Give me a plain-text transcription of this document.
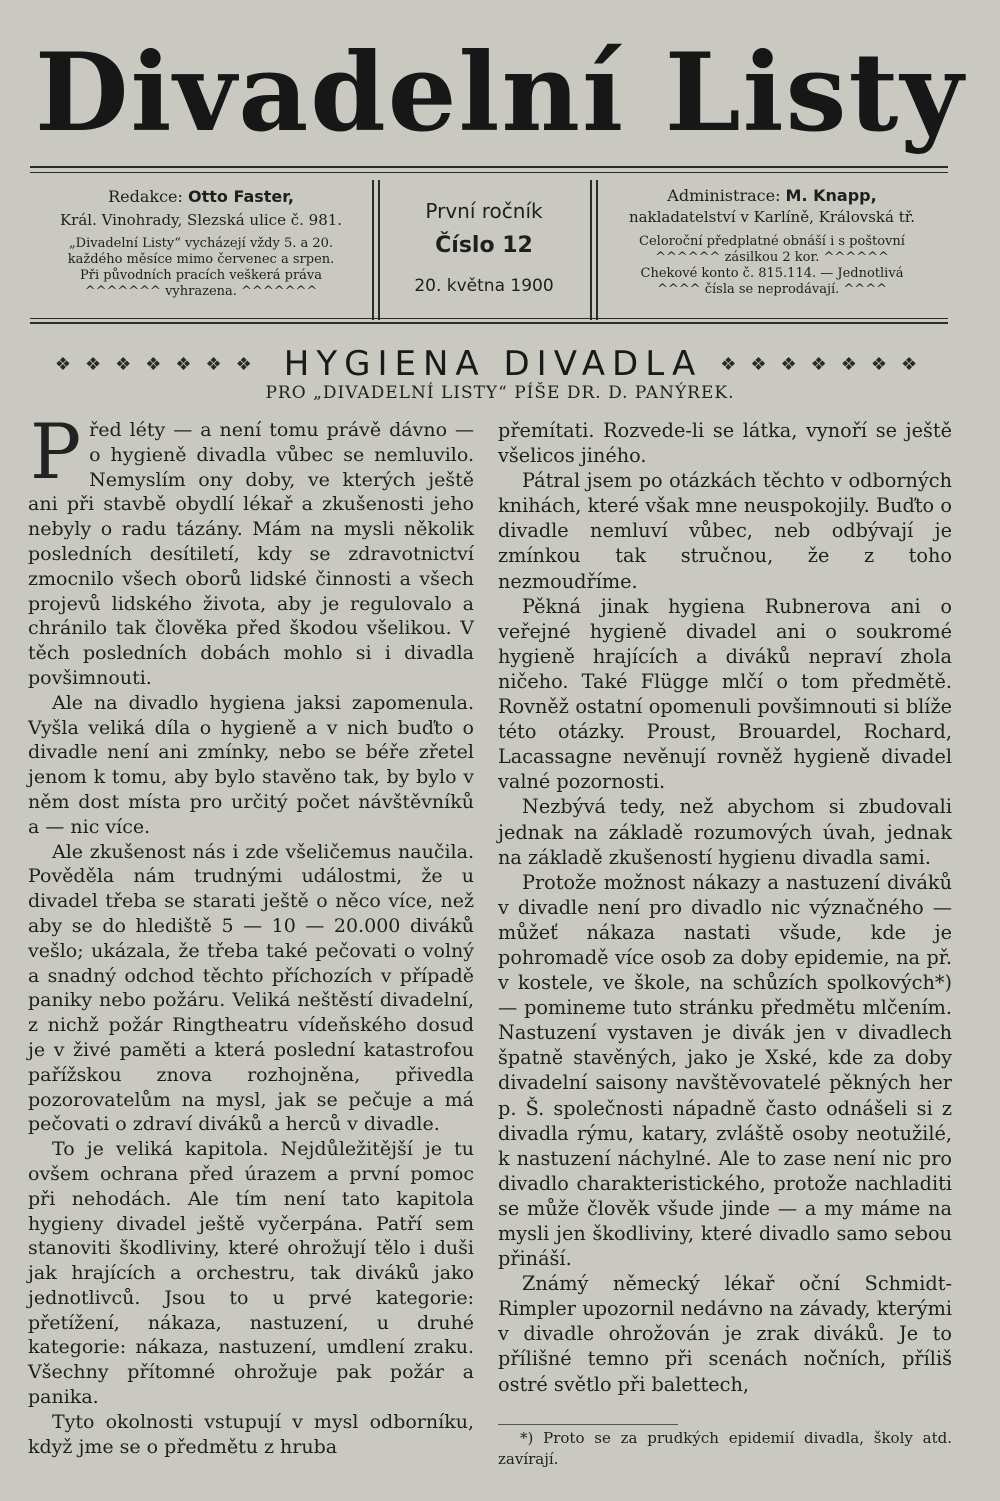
Divadelní Listy
Redakce: Otto Faster,
Král. Vinohrady, Slezská ulice č. 981.
„Divadelní Listy“ vycházejí vždy 5. a 20.
každého měsíce mimo červenec a srpen.
Při původních pracích veškerá práva
^^^^^^^ vyhrazena. ^^^^^^^
První ročník
Číslo 12
20. května 1900
Administrace: M. Knapp,
nakladatelství v Karlíně, Královská tř.
Celoroční předplatné obnáší i s poštovní
^^^^^^ zásilkou 2 kor. ^^^^^^
Chekové konto č. 815.114. — Jednotlivá
^^^^ čísla se neprodávají. ^^^^
❖❖❖❖❖❖❖ HYGIENA DIVADLA ❖❖❖❖❖❖❖
PRO „DIVADELNÍ LISTY“ PÍŠE DR. D. PANÝREK.

Před léty — a není tomu právě dávno — o hygieně divadla vůbec se nemluvilo. Nemyslím ony doby, ve kterých ještě ani při stavbě obydlí lékař a zkušenosti jeho nebyly o radu tázány. Mám na mysli několik posledních desítiletí, kdy se zdravotnictví zmocnilo všech oborů lidské činnosti a všech projevů lidského života, aby je regulovalo a chránilo tak člověka před škodou všelikou. V těch posledních dobách mohlo si i divadla povšimnouti.

Ale na divadlo hygiena jaksi zapomenula. Vyšla veliká díla o hygieně a v nich buďto o divadle není ani zmínky, nebo se béře zřetel jenom k tomu, aby bylo stavěno tak, by bylo v něm dost místa pro určitý počet návštěvníků a — nic více.

Ale zkušenost nás i zde všeličemus naučila. Pověděla nám trudnými událostmi, že u divadel třeba se starati ještě o něco více, než aby se do hlediště 5 — 10 — 20.000 diváků vešlo; ukázala, že třeba také pečovati o volný a snadný odchod těchto příchozích v případě paniky nebo požáru. Veliká neštěstí divadelní, z nichž požár Ringtheatru vídeňského dosud je v živé paměti a která poslední katastrofou pařížskou znova rozhojněna, přivedla pozorovatelům na mysl, jak se pečuje a má pečovati o zdraví diváků a herců v divadle.

To je veliká kapitola. Nejdůležitější je tu ovšem ochrana před úrazem a první pomoc při nehodách. Ale tím není tato kapitola hygieny divadel ještě vyčerpána. Patří sem stanoviti škodliviny, které ohrožují tělo i duši jak hrajících a orchestru, tak diváků jako jednotlivců. Jsou to u prvé kategorie: přetížení, nákaza, nastuzení, u druhé kategorie: nákaza, nastuzení, umdlení zraku. Všechny přítomné ohrožuje pak požár a panika.

Tyto okolnosti vstupují v mysl odborníku, když jme se o předmětu z hruba

přemítati. Rozvede-li se látka, vynoří se ještě všelicos jiného.

Pátral jsem po otázkách těchto v odborných knihách, které však mne neuspokojily. Buďto o divadle nemluví vůbec, neb odbývají je zmínkou tak stručnou, že z toho nezmoudříme.

Pěkná jinak hygiena Rubnerova ani o veřejné hygieně divadel ani o soukromé hygieně hrajících a diváků nepraví zhola ničeho. Také Flügge mlčí o tom předmětě. Rovněž ostatní opomenuli povšimnouti si blíže této otázky. Proust, Brouardel, Rochard, Lacassagne nevěnují rovněž hygieně divadel valné pozornosti.

Nezbývá tedy, než abychom si zbudovali jednak na základě rozumových úvah, jednak na základě zkušeností hygienu divadla sami.

Protože možnost nákazy a nastuzení diváků v divadle není pro divadlo nic význačného — můžeť nákaza nastati všude, kde je pohromadě více osob za doby epidemie, na př. v kostele, ve škole, na schůzích spolkových*) — pomineme tuto stránku předmětu mlčením. Nastuzení vystaven je divák jen v divadlech špatně stavěných, jako je Xské, kde za doby divadelní saisony navštěvovatelé pěkných her p. Š. společnosti nápadně často odnášeli si z divadla rýmu, katary, zvláště osoby neotužilé, k nastuzení náchylné. Ale to zase není nic pro divadlo charakteristického, protože nachladiti se může člověk všude jinde — a my máme na mysli jen škodliviny, které divadlo samo sebou přináší.

Známý německý lékař oční Schmidt-Rimpler upozornil nedávno na závady, kterými v divadle ohrožován je zrak diváků. Je to přílišné temno při scenách nočních, příliš ostré světlo při balettech,

*) Proto se za prudkých epidemií divadla, školy atd. zavírají.
